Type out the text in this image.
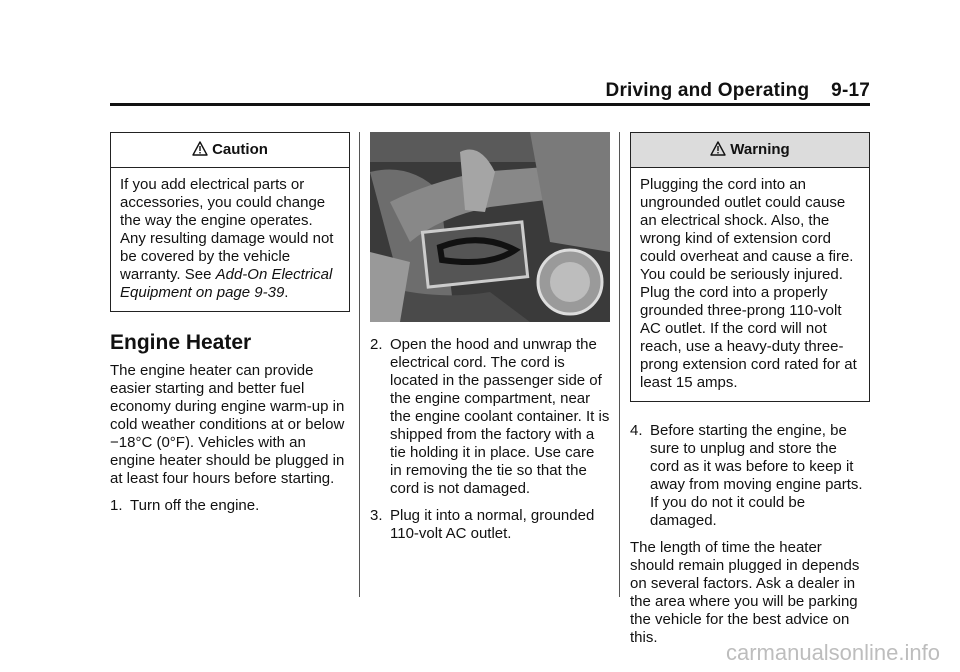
Driving and Operating 9-17
Caution
If you add electrical parts or accessories, you could change the way the engine operates. Any resulting damage would not be covered by the vehicle warranty. See Add-On Electrical Equipment on page 9-39.
Engine Heater

The engine heater can provide easier starting and better fuel economy during engine warm-up in cold weather conditions at or below −18°C (0°F). Vehicles with an engine heater should be plugged in at least four hours before starting.

1. Turn off the engine.
2. Open the hood and unwrap the electrical cord. The cord is located in the passenger side of the engine compartment, near the engine coolant container. It is shipped from the factory with a tie holding it in place. Use care in removing the tie so that the cord is not damaged.
3. Plug it into a normal, grounded 110-volt AC outlet.
Warning
Plugging the cord into an ungrounded outlet could cause an electrical shock. Also, the wrong kind of extension cord could overheat and cause a fire. You could be seriously injured. Plug the cord into a properly grounded three-prong 110-volt AC outlet. If the cord will not reach, use a heavy-duty three-prong extension cord rated for at least 15 amps.
4. Before starting the engine, be sure to unplug and store the cord as it was before to keep it away from moving engine parts. If you do not it could be damaged.

The length of time the heater should remain plugged in depends on several factors. Ask a dealer in the area where you will be parking the vehicle for the best advice on this.

carmanualsonline.info
